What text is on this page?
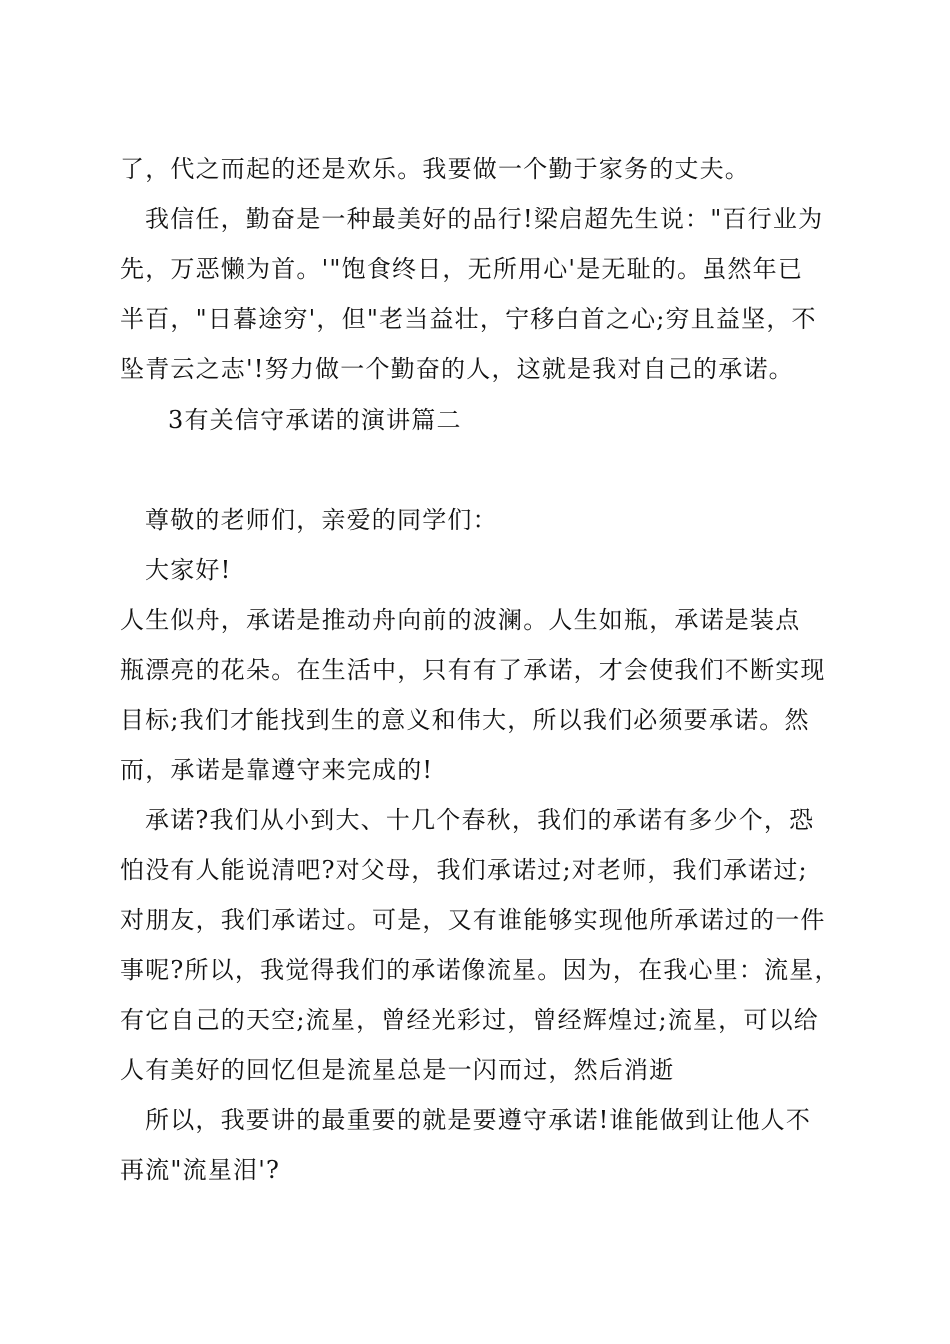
了，代之而起的还是欢乐。我要做一个勤于家务的丈夫。
我信任，勤奋是一种最美好的品行!梁启超先生说："百行业为
先，万恶懒为首。'"饱食终日，无所用心'是无耻的。虽然年已
半百，"日暮途穷'，但"老当益壮，宁移白首之心;穷且益坚，不
坠青云之志'!努力做一个勤奋的人，这就是我对自己的承诺。
3有关信守承诺的演讲篇二
尊敬的老师们，亲爱的同学们：
大家好!
人生似舟，承诺是推动舟向前的波澜。人生如瓶，承诺是装点
瓶漂亮的花朵。在生活中，只有有了承诺，才会使我们不断实现
目标;我们才能找到生的意义和伟大，所以我们必须要承诺。然
而，承诺是靠遵守来完成的!
承诺?我们从小到大、十几个春秋，我们的承诺有多少个，恐
怕没有人能说清吧?对父母，我们承诺过;对老师，我们承诺过;
对朋友，我们承诺过。可是，又有谁能够实现他所承诺过的一件
事呢?所以，我觉得我们的承诺像流星。因为，在我心里：流星，
有它自己的天空;流星，曾经光彩过，曾经辉煌过;流星，可以给
人有美好的回忆但是流星总是一闪而过，然后消逝
所以，我要讲的最重要的就是要遵守承诺!谁能做到让他人不
再流"流星泪'?
